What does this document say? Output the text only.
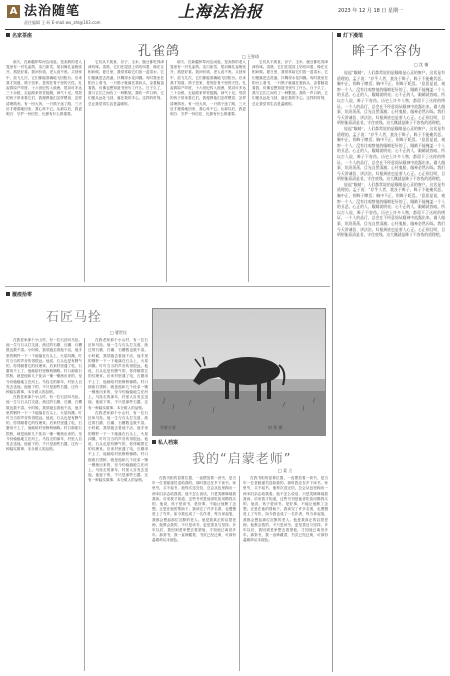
A 法治随笔
责任编辑 王 昕 E-mail:wx_zhl@163.com
上海法治报	2023 年 12 月 18 日 星期一
名家茶座
孔雀鸽	□ 王智琦

那天，在新疆伊犁河边闲逛，见卖鸽的老人笼里有一对孔雀鸽，洁白如雪，尾羽像孔雀般张开，煞是好看。我问价钱，老人说不贵。买回家中，放飞几次，它们都能准确地飞回阳台。后来我才知道，鸽子恋家，是刻在骨子里的天性。孔雀鸽原产印度，十六世纪传入欧洲，尾羽可多达三十余根，走起路来昂首挺胸，神气十足。邻居的孩子常来看它们，我便教他们怎样喂食、怎样清理鸽舍。有一回大风，一只鸽子迷了路，三天后才瘦弱地回来，我心疼不已。从那以后，我更明白：守护一份信任，比拥有什么都重要。

它们从不挑食，谷子、玉米、豌豆都吃得津津有味。清晨，它们在屋顶上咕咕叫着，像在互相问候。夏日里，我常常给它们放一盆清水，它们便跳进去洗澡，扑腾得水花四溅。有时我坐在阳台上看书，一只鸽子就落在我肩头，歪着脑袋看我，仿佛也想知道书里写了什么。日子久了，我与它们之间有了一种默契。我吹一声口哨，它们便从远处飞回，落在我的手心。这样的时刻，总让我觉得生活是温暖的。

那天，在新疆伊犁河边闲逛，见卖鸽的老人笼里有一对孔雀鸽，洁白如雪，尾羽像孔雀般张开，煞是好看。我问价钱，老人说不贵。买回家中，放飞几次，它们都能准确地飞回阳台。后来我才知道，鸽子恋家，是刻在骨子里的天性。孔雀鸽原产印度，十六世纪传入欧洲，尾羽可多达三十余根，走起路来昂首挺胸，神气十足。邻居的孩子常来看它们，我便教他们怎样喂食、怎样清理鸽舍。有一回大风，一只鸽子迷了路，三天后才瘦弱地回来，我心疼不已。从那以后，我更明白：守护一份信任，比拥有什么都重要。

它们从不挑食，谷子、玉米、豌豆都吃得津津有味。清晨，它们在屋顶上咕咕叫着，像在互相问候。夏日里，我常常给它们放一盆清水，它们便跳进去洗澡，扑腾得水花四溅。有时我坐在阳台上看书，一只鸽子就落在我肩头，歪着脑袋看我，仿佛也想知道书里写了什么。日子久了，我与它们之间有了一种默契。我吹一声口哨，它们便从远处飞回，落在我的手心。这样的时刻，总让我觉得生活是温暖的。

灯下漫笔
眸子不容伪
□ 沈 楠

说起“眼睛”，人们都常说的是眼睛是心灵的窗户。这话是有道理的。孟子说：“存乎人者，莫良于眸子。眸子不能掩其恶。胸中正，则眸子瞭焉；胸中不正，则眸子眊焉。”意思是说，观察一个人，没有比观察他的眼睛更好的了。眼睛不能掩盖一个人的丑恶。心正的人，眼睛就明亮；心不正的人，眼睛就昏暗。所以古人说，眸子不容伪。历史上许多人物，都留下了这样的例证。一个人的品行，总会在不经意间从眼神中流露出来。做人做事，坦坦荡荡，目光自然清澈；心怀鬼胎，眼神必然闪烁。我们今天讲诚信、讲法治，归根到底也是要人心正。心正则目明，目明则能看清是非，守住底线。这大概就是眸子不容伪的道理吧。

说起“眼睛”，人们都常说的是眼睛是心灵的窗户。这话是有道理的。孟子说：“存乎人者，莫良于眸子。眸子不能掩其恶。胸中正，则眸子瞭焉；胸中不正，则眸子眊焉。”意思是说，观察一个人，没有比观察他的眼睛更好的了。眼睛不能掩盖一个人的丑恶。心正的人，眼睛就明亮；心不正的人，眼睛就昏暗。所以古人说，眸子不容伪。历史上许多人物，都留下了这样的例证。一个人的品行，总会在不经意间从眼神中流露出来。做人做事，坦坦荡荡，目光自然清澈；心怀鬼胎，眼神必然闪烁。我们今天讲诚信、讲法治，归根到底也是要人心正。心正则目明，目明则能看清是非，守住底线。这大概就是眸子不容伪的道理吧。

说起“眼睛”，人们都常说的是眼睛是心灵的窗户。这话是有道理的。孟子说：“存乎人者，莫良于眸子。眸子不能掩其恶。胸中正，则眸子瞭焉；胸中不正，则眸子眊焉。”意思是说，观察一个人，没有比观察他的眼睛更好的了。眼睛不能掩盖一个人的丑恶。心正的人，眼睛就明亮；心不正的人，眼睛就昏暗。所以古人说，眸子不容伪。历史上许多人物，都留下了这样的例证。一个人的品行，总会在不经意间从眼神中流露出来。做人做事，坦坦荡荡，目光自然清澈；心怀鬼胎，眼神必然闪烁。我们今天讲诚信、讲法治，归根到底也是要人心正。心正则目明，目明则能看清是非，守住底线。这大概就是眸子不容伪的道理吧。

履痕拾零
石匠马拴
□ 曹世民

在我老家那个小山村，有一位石匠叫马拴。他一生与石头打交道，凿过的石磨、石碾、石槽数也数不清。小时候，我常跑去看他干活，他手里的钢钎一下一下地落在石头上，火星四溅，叮叮当当的声音传得很远。他说，石头也是有脾气的，你得顺着它的纹理来。后来村里通了电，石磨用不上了，他就给村里修桥铺路。村口那座石拱桥，就是他和几个徒弟一锤一锤凿出来的，至今仍稳稳地立在河上。马拴走的那年，村里人自发去送他。他留下的，不只是那些石器，还有一种踏实做事、本分做人的品格。

在我老家那个小山村，有一位石匠叫马拴。他一生与石头打交道，凿过的石磨、石碾、石槽数也数不清。小时候，我常跑去看他干活，他手里的钢钎一下一下地落在石头上，火星四溅，叮叮当当的声音传得很远。他说，石头也是有脾气的，你得顺着它的纹理来。后来村里通了电，石磨用不上了，他就给村里修桥铺路。村口那座石拱桥，就是他和几个徒弟一锤一锤凿出来的，至今仍稳稳地立在河上。马拴走的那年，村里人自发去送他。他留下的，不只是那些石器，还有一种踏实做事、本分做人的品格。

在我老家那个小山村，有一位石匠叫马拴。他一生与石头打交道，凿过的石磨、石碾、石槽数也数不清。小时候，我常跑去看他干活，他手里的钢钎一下一下地落在石头上，火星四溅，叮叮当当的声音传得很远。他说，石头也是有脾气的，你得顺着它的纹理来。后来村里通了电，石磨用不上了，他就给村里修桥铺路。村口那座石拱桥，就是他和几个徒弟一锤一锤凿出来的，至今仍稳稳地立在河上。马拴走的那年，村里人自发去送他。他留下的，不只是那些石器，还有一种踏实做事、本分做人的品格。

在我老家那个小山村，有一位石匠叫马拴。他一生与石头打交道，凿过的石磨、石碾、石槽数也数不清。小时候，我常跑去看他干活，他手里的钢钎一下一下地落在石头上，火星四溅，叮叮当当的声音传得很远。他说，石头也是有脾气的，你得顺着它的纹理来。后来村里通了电，石磨用不上了，他就给村里修桥铺路。村口那座石拱桥，就是他和几个徒弟一锤一锤凿出来的，至今仍稳稳地立在河上。马拴走的那年，村里人自发去送他。他留下的，不只是那些石器，还有一种踏实做事、本分做人的品格。

乡野小景	何 伟 摄
私人档案
我的“启蒙老师”
□ 姜 立

在我书柜的显要位置，一直摆放着一套书，是当年一位老邮递员送给我的。那时我还在乡下读书，家里穷，买不起书，他每次送完信，总会从包里掏出一两本旧杂志给我看。他不怎么说话，只是笑眯眯地看我读。后来我才知道，这些书刊是他省吃俭用攒钱买的，他说，孩子爱读书，是好事，不能让他断了念想。正是在他的帮助下，我读完了许多名著，也慢慢爱上了写作。如今我也成了一名作者，每当拿起笔，我都会想起那位沉默的老人。他是我真正的启蒙老师，他教会我的，不只是读书，更是善良与坚持。多年以后，我回到老家想去看望他，才知他已离世多年。那套书，我一直珍藏着，书页已经泛黄，可那份温暖却从未褪色。

在我书柜的显要位置，一直摆放着一套书，是当年一位老邮递员送给我的。那时我还在乡下读书，家里穷，买不起书，他每次送完信，总会从包里掏出一两本旧杂志给我看。他不怎么说话，只是笑眯眯地看我读。后来我才知道，这些书刊是他省吃俭用攒钱买的，他说，孩子爱读书，是好事，不能让他断了念想。正是在他的帮助下，我读完了许多名著，也慢慢爱上了写作。如今我也成了一名作者，每当拿起笔，我都会想起那位沉默的老人。他是我真正的启蒙老师，他教会我的，不只是读书，更是善良与坚持。多年以后，我回到老家想去看望他，才知他已离世多年。那套书，我一直珍藏着，书页已经泛黄，可那份温暖却从未褪色。
